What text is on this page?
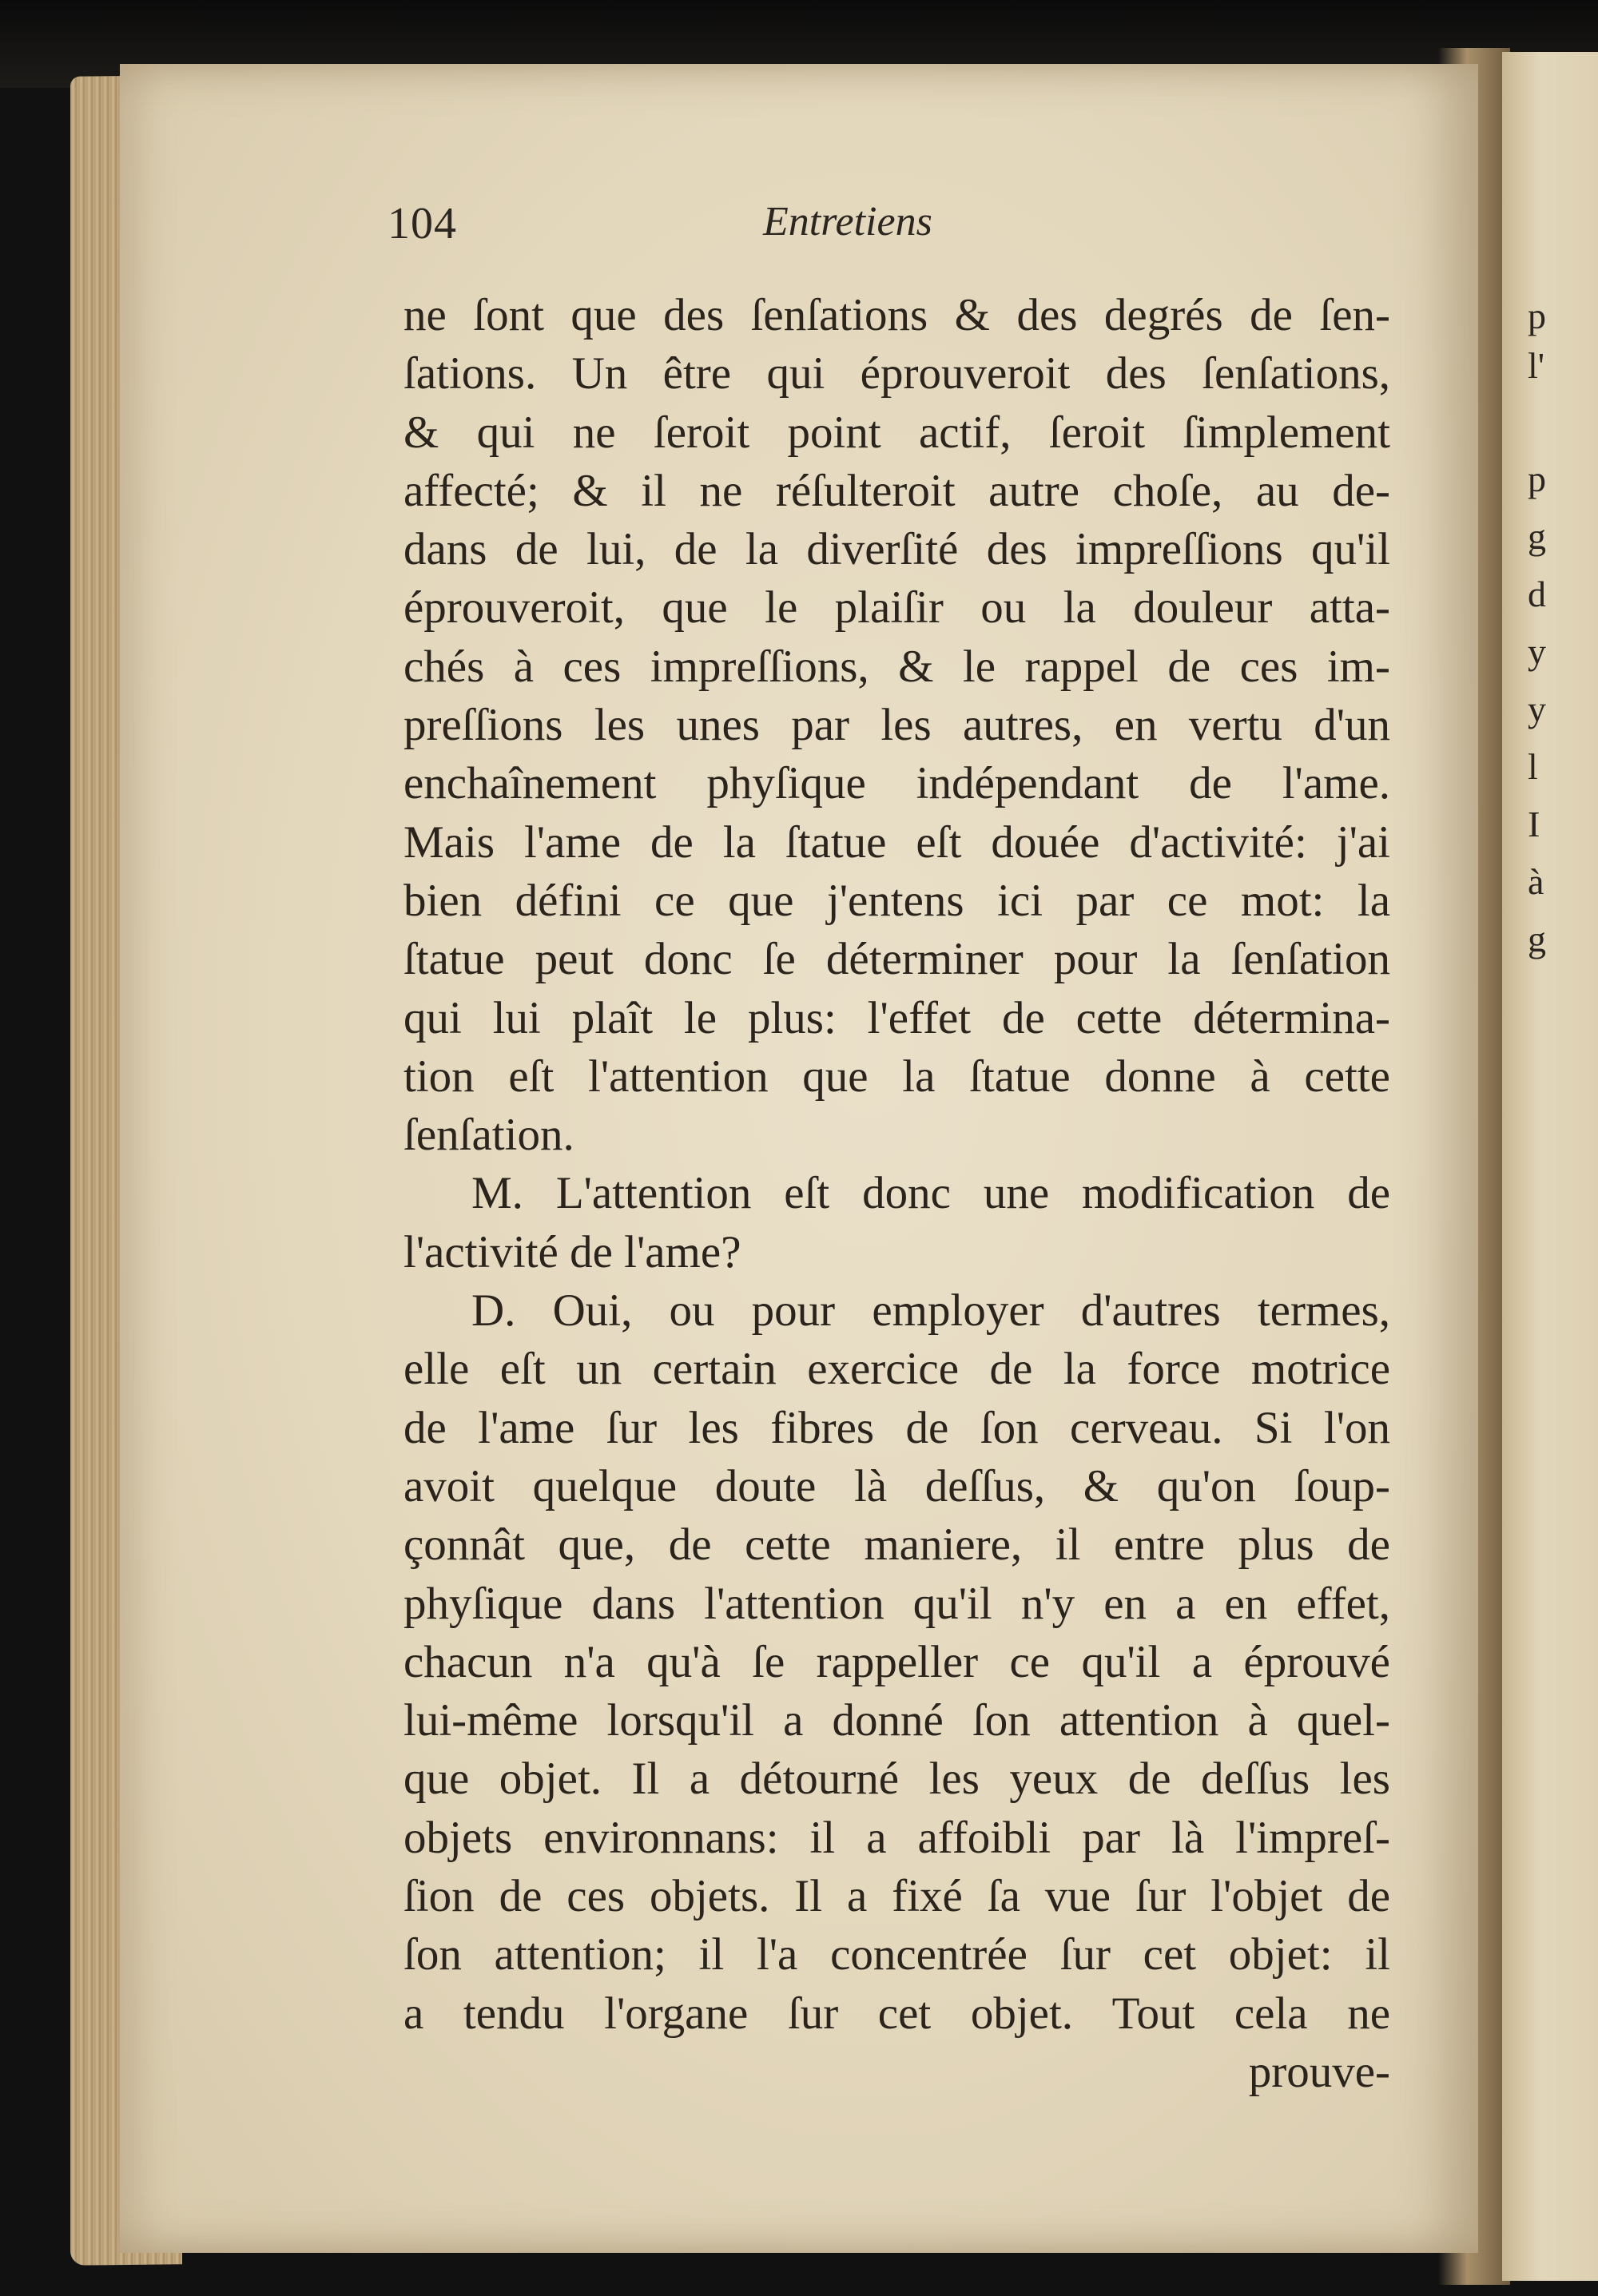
p
l'
p
g
d
y
y
l
I
à
g
104	Entretiens
ne ſont que des ſenſations & des degrés de ſen-
ſations. Un être qui éprouveroit des ſenſations,
& qui ne ſeroit point actif, ſeroit ſimplement
affecté; & il ne réſulteroit autre choſe, au de-
dans de lui, de la diverſité des impreſſions qu'il
éprouveroit, que le plaiſir ou la douleur atta-
chés à ces impreſſions, & le rappel de ces im-
preſſions les unes par les autres, en vertu d'un
enchaînement phyſique indépendant de l'ame.
Mais l'ame de la ſtatue eſt douée d'activité: j'ai
bien défini ce que j'entens ici par ce mot: la
ſtatue peut donc ſe déterminer pour la ſenſation
qui lui plaît le plus: l'effet de cette détermina-
tion eſt l'attention que la ſtatue donne à cette
ſenſation.
M. L'attention eſt donc une modification de
l'activité de l'ame?
D. Oui, ou pour employer d'autres termes,
elle eſt un certain exercice de la force motrice
de l'ame ſur les fibres de ſon cerveau. Si l'on
avoit quelque doute là deſſus, & qu'on ſoup-
çonnât que, de cette maniere, il entre plus de
phyſique dans l'attention qu'il n'y en a en effet,
chacun n'a qu'à ſe rappeller ce qu'il a éprouvé
lui-même lorsqu'il a donné ſon attention à quel-
que objet. Il a détourné les yeux de deſſus les
objets environnans: il a affoibli par là l'impreſ-
ſion de ces objets. Il a fixé ſa vue ſur l'objet de
ſon attention; il l'a concentrée ſur cet objet: il
a tendu l'organe ſur cet objet. Tout cela ne
prouve-
